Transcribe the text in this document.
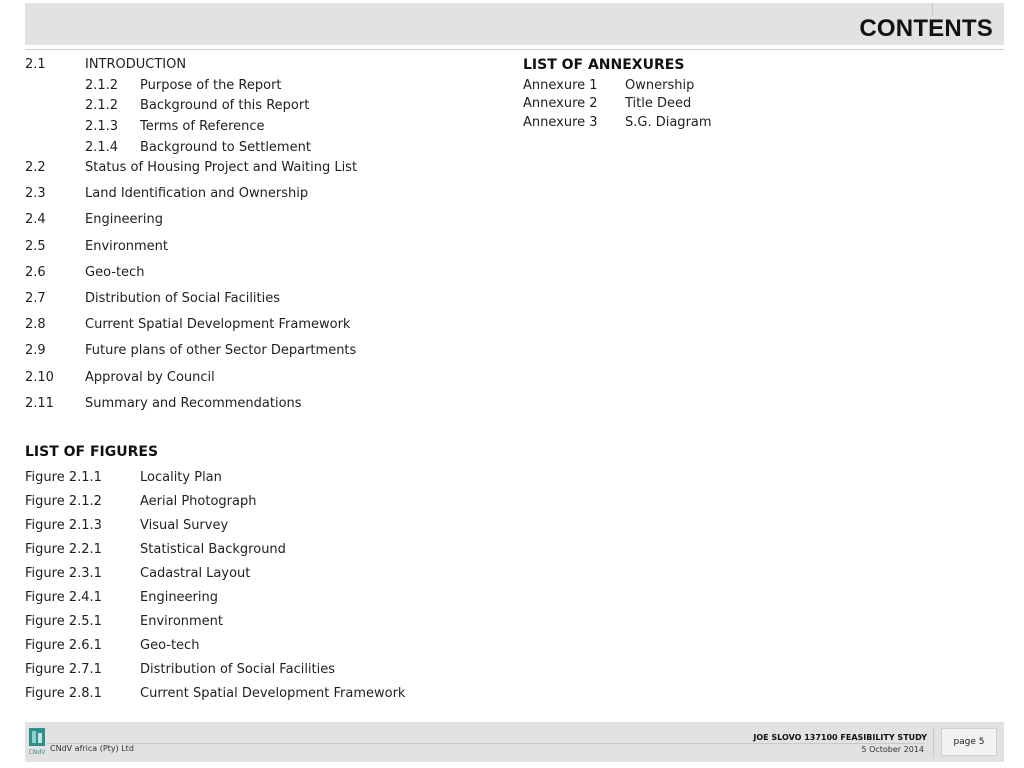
CONTENTS
2.1	INTRODUCTION
2.1.2 Purpose of the Report
2.1.2 Background of this Report
2.1.3 Terms of Reference
2.1.4 Background to Settlement
2.2	Status of Housing Project and Waiting List
2.3	Land Identification and Ownership
2.4	Engineering
2.5	Environment
2.6	Geo-tech
2.7	Distribution of Social Facilities
2.8	Current Spatial Development Framework
2.9	Future plans of other Sector Departments
2.10 Approval by Council
2.11 Summary and Recommendations
LIST OF FIGURES
Figure 2.1.1	Locality Plan
Figure 2.1.2	Aerial Photograph
Figure 2.1.3	Visual Survey
Figure 2.2.1	Statistical Background
Figure 2.3.1	Cadastral Layout
Figure 2.4.1	Engineering
Figure 2.5.1	Environment
Figure 2.6.1	Geo-tech
Figure 2.7.1	Distribution of Social Facilities
Figure 2.8.1	Current Spatial Development Framework
LIST OF ANNEXURES
Annexure 1 Ownership
Annexure 2 Title Deed
Annexure 3 S.G. Diagram
CNdV CNdV africa (Pty) Ltd
JOE SLOVO 137100 FEASIBILITY STUDY
5 October 2014
page 5
